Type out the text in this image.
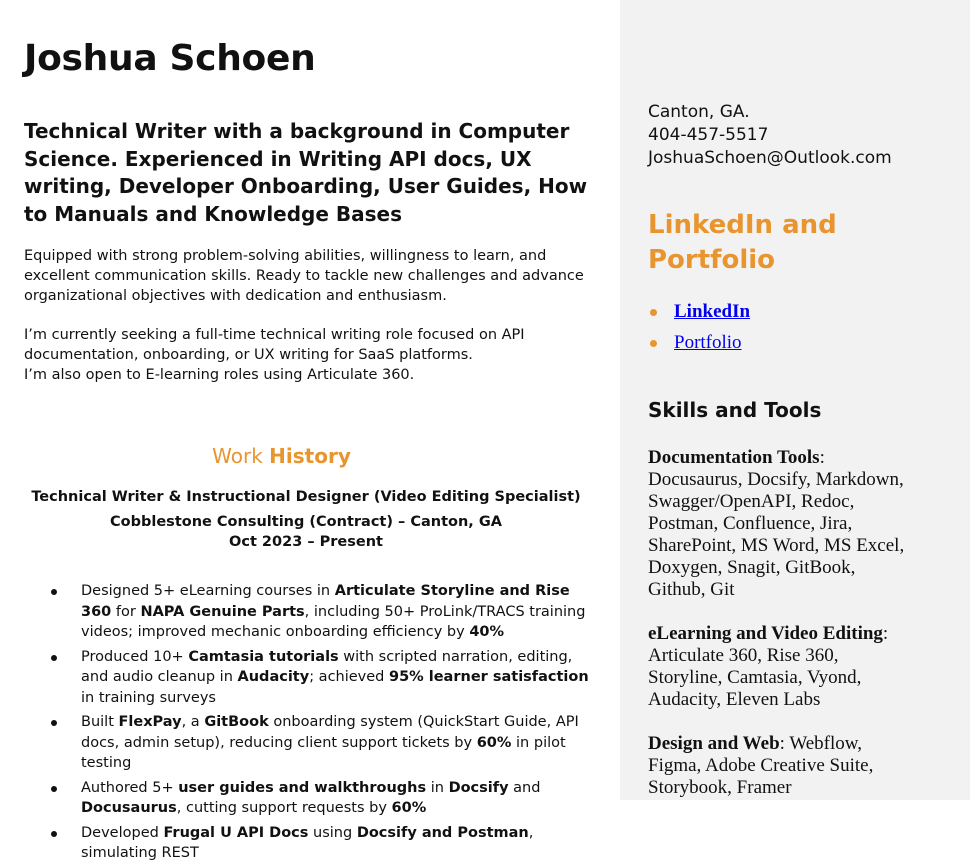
Joshua Schoen
Technical Writer with a background in Computer Science. Experienced in Writing API docs, UX writing, Developer Onboarding, User Guides, How to Manuals and Knowledge Bases
Equipped with strong problem-solving abilities, willingness to learn, and excellent communication skills. Ready to tackle new challenges and advance organizational objectives with dedication and enthusiasm.
I’m currently seeking a full-time technical writing role focused on API documentation, onboarding, or UX writing for SaaS platforms.
I’m also open to E-learning roles using Articulate 360.
Work History
Technical Writer & Instructional Designer (Video Editing Specialist)
Cobblestone Consulting (Contract) – Canton, GA
Oct 2023 – Present
Designed 5+ eLearning courses in Articulate Storyline and Rise 360 for NAPA Genuine Parts, including 50+ ProLink/TRACS training videos; improved mechanic onboarding efficiency by 40%
Produced 10+ Camtasia tutorials with scripted narration, editing, and audio cleanup in Audacity; achieved 95% learner satisfaction in training surveys
Built FlexPay, a GitBook onboarding system (QuickStart Guide, API docs, admin setup), reducing client support tickets by 60% in pilot testing
Authored 5+ user guides and walkthroughs in Docsify and Docusaurus, cutting support requests by 60%
Developed Frugal U API Docs using Docsify and Postman, simulating REST
Canton, GA.
404-457-5517
JoshuaSchoen@Outlook.com
LinkedIn and Portfolio
LinkedIn
Portfolio
Skills and Tools
Documentation Tools: Docusaurus, Docsify, Markdown, Swagger/OpenAPI, Redoc, Postman, Confluence, Jira, SharePoint, MS Word, MS Excel, Doxygen, Snagit, GitBook, Github, Git
eLearning and Video Editing: Articulate 360, Rise 360, Storyline, Camtasia, Vyond, Audacity, Eleven Labs
Design and Web: Webflow, Figma, Adobe Creative Suite, Storybook, Framer
